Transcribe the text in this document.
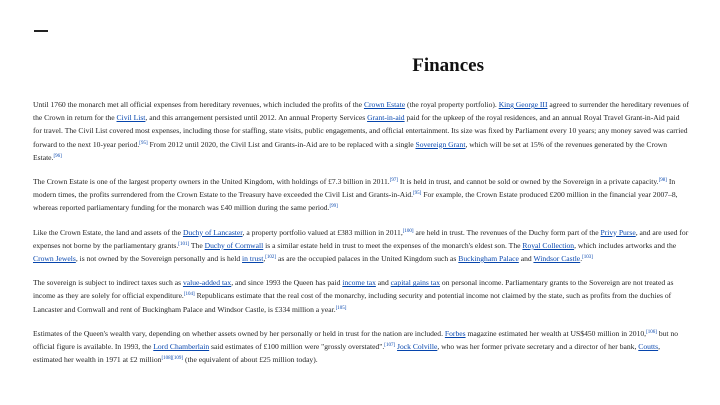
Finances

Until 1760 the monarch met all official expenses from hereditary revenues, which included the profits of the Crown Estate (the royal property portfolio). King George III agreed to surrender the hereditary revenues of the Crown in return for the Civil List, and this arrangement persisted until 2012. An annual Property Services Grant-in-aid paid for the upkeep of the royal residences, and an annual Royal Travel Grant-in-Aid paid for travel. The Civil List covered most expenses, including those for staffing, state visits, public engagements, and official entertainment. Its size was fixed by Parliament every 10 years; any money saved was carried forward to the next 10-year period.[95] From 2012 until 2020, the Civil List and Grants-in-Aid are to be replaced with a single Sovereign Grant, which will be set at 15% of the revenues generated by the Crown Estate.[96]

The Crown Estate is one of the largest property owners in the United Kingdom, with holdings of £7.3 billion in 2011.[97] It is held in trust, and cannot be sold or owned by the Sovereign in a private capacity.[98] In modern times, the profits surrendered from the Crown Estate to the Treasury have exceeded the Civil List and Grants-in-Aid.[95] For example, the Crown Estate produced £200 million in the financial year 2007–8, whereas reported parliamentary funding for the monarch was £40 million during the same period.[99]

Like the Crown Estate, the land and assets of the Duchy of Lancaster, a property portfolio valued at £383 million in 2011,[100] are held in trust. The revenues of the Duchy form part of the Privy Purse, and are used for expenses not borne by the parliamentary grants.[101] The Duchy of Cornwall is a similar estate held in trust to meet the expenses of the monarch's eldest son. The Royal Collection, which includes artworks and the Crown Jewels, is not owned by the Sovereign personally and is held in trust,[102] as are the occupied palaces in the United Kingdom such as Buckingham Palace and Windsor Castle.[103]

The sovereign is subject to indirect taxes such as value-added tax, and since 1993 the Queen has paid income tax and capital gains tax on personal income. Parliamentary grants to the Sovereign are not treated as income as they are solely for official expenditure.[104] Republicans estimate that the real cost of the monarchy, including security and potential income not claimed by the state, such as profits from the duchies of Lancaster and Cornwall and rent of Buckingham Palace and Windsor Castle, is £334 million a year.[105]

Estimates of the Queen's wealth vary, depending on whether assets owned by her personally or held in trust for the nation are included. Forbes magazine estimated her wealth at US$450 million in 2010,[106] but no official figure is available. In 1993, the Lord Chamberlain said estimates of £100 million were "grossly overstated".[107] Jock Colville, who was her former private secretary and a director of her bank, Coutts, estimated her wealth in 1971 at £2 million[108][109] (the equivalent of about £25 million today).
